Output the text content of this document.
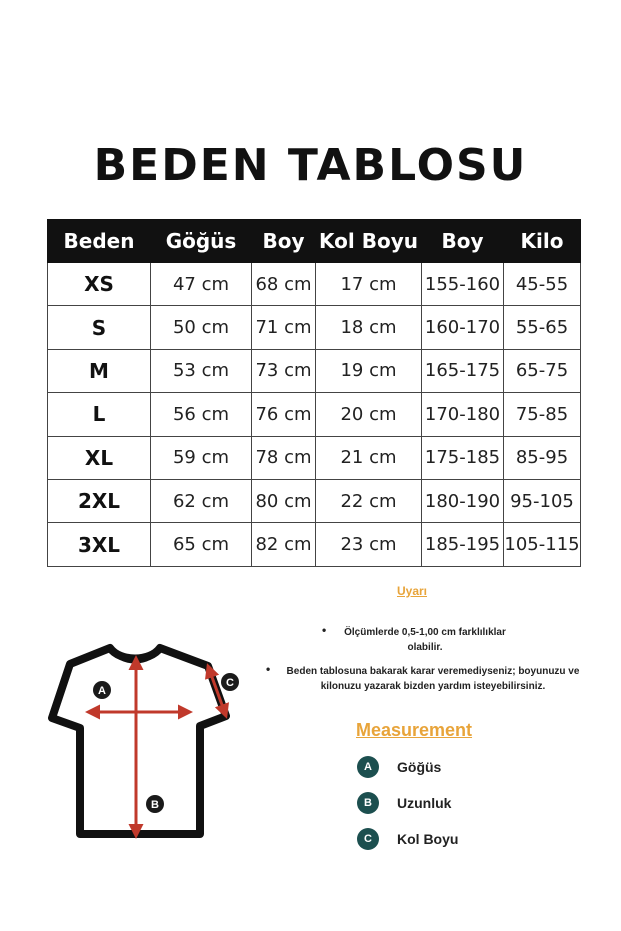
BEDEN TABLOSU
Beden	Göğüs	Boy	Kol Boyu	Boy	Kilo
XS	47 cm	68 cm	17 cm	155-160	45-55
S	50 cm	71 cm	18 cm	160-170	55-65
M	53 cm	73 cm	19 cm	165-175	65-75
L	56 cm	76 cm	20 cm	170-180	75-85
XL	59 cm	78 cm	21 cm	175-185	85-95
2XL	62 cm	80 cm	22 cm	180-190	95-105
3XL	65 cm	82 cm	23 cm	185-195	105-115
Uyarı
• Ölçümlerde 0,5-1,00 cm farklılıklar olabilir.
• Beden tablosuna bakarak karar veremediyseniz; boyunuzu ve kilonuzu yazarak bizden yardım isteyebilirsiniz.
A
B
C
Measurement
A	Göğüs
B	Uzunluk
C	Kol Boyu
